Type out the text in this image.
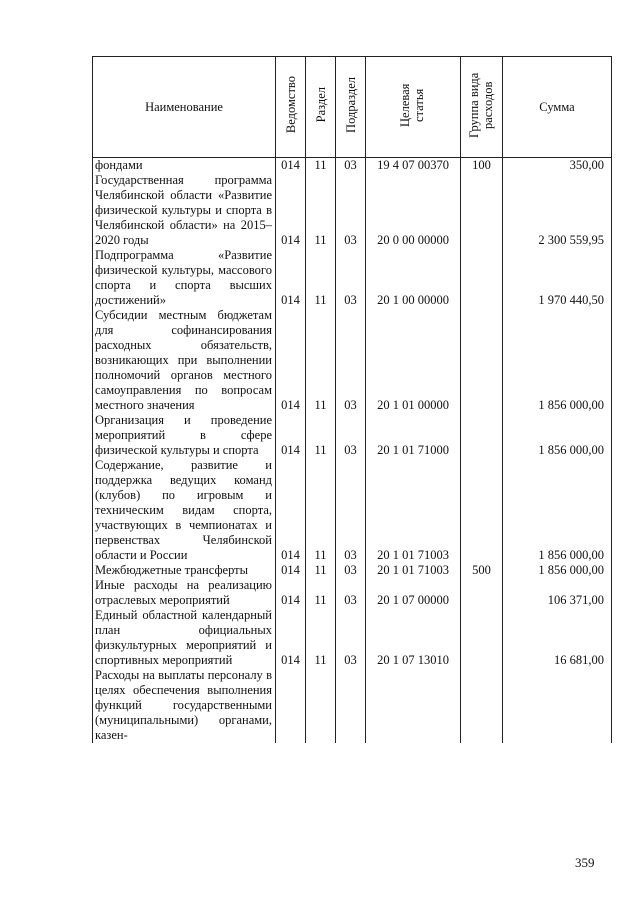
Наименование	Ведомство	Раздел	Подраздел	Целевая статья	Группа вида расходов	Сумма
фондами	014	11	03	19 4 07 00370	100	350,00
Государственная программа Челябинской области «Развитие физической культуры и спорта в Челябинской области» на 2015–2020 годы	014	11	03	20 0 00 00000		2 300 559,95
Подпрограмма «Развитие физической культуры, массового спорта и спорта высших достижений»	014	11	03	20 1 00 00000		1 970 440,50
Субсидии местным бюджетам для софинансирования расходных обязательств, возникающих при выполнении полномочий органов местного самоуправления по вопросам местного значения	014	11	03	20 1 01 00000		1 856 000,00
Организация и проведение мероприятий в сфере физической культуры и спорта	014	11	03	20 1 01 71000		1 856 000,00
Содержание, развитие и поддержка ведущих команд (клубов) по игровым и техническим видам спорта, участвующих в чемпионатах и первенствах Челябинской области и России	014	11	03	20 1 01 71003		1 856 000,00
Межбюджетные трансферты	014	11	03	20 1 01 71003	500	1 856 000,00
Иные расходы на реализацию отраслевых мероприятий	014	11	03	20 1 07 00000		106 371,00
Единый областной календарный план официальных физкультурных мероприятий и спортивных мероприятий	014	11	03	20 1 07 13010		16 681,00
Расходы на выплаты персоналу в целях обеспечения выполнения функций государственными (муниципальными) органами, казен-						
359
